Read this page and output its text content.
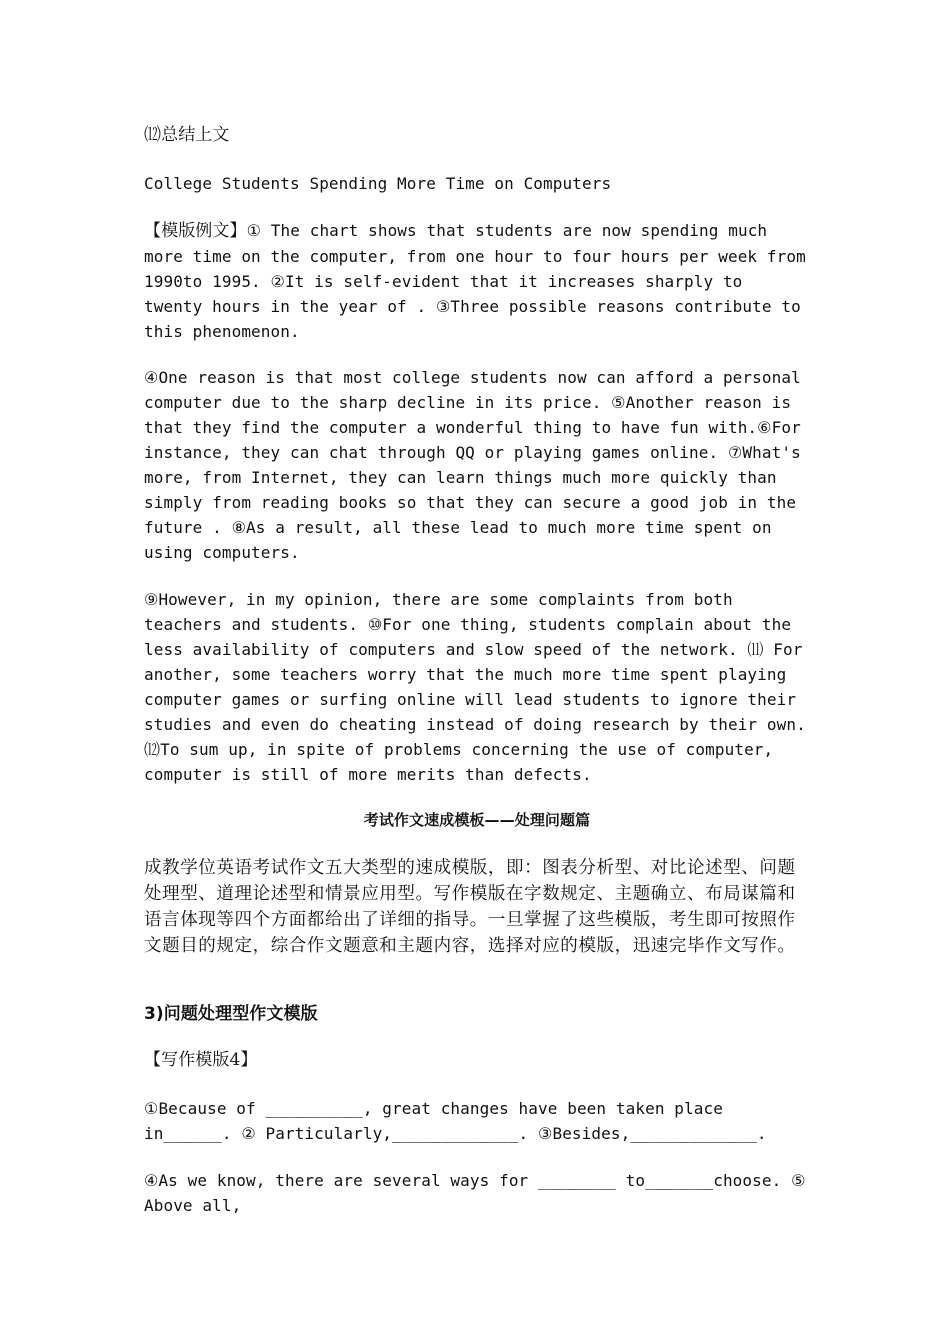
⑿总结上文

College Students Spending More Time on Computers

【模版例文】① The chart shows that students are now spending much more time on the computer, from one hour to four hours per week from 1990to 1995. ②It is self-evident that it increases sharply to twenty hours in the year of . ③Three possible reasons contribute to this phenomenon.

④One reason is that most college students now can afford a personal computer due to the sharp decline in its price. ⑤Another reason is that they find the computer a wonderful thing to have fun with.⑥For instance, they can chat through QQ or playing games online. ⑦What's more, from Internet, they can learn things much more quickly than simply from reading books so that they can secure a good job in the future . ⑧As a result, all these lead to much more time spent on using computers.

⑨However, in my opinion, there are some complaints from both teachers and students. ⑩For one thing, students complain about the less availability of computers and slow speed of the network. ⑾ For another, some teachers worry that the much more time spent playing computer games or surfing online will lead students to ignore their studies and even do cheating instead of doing research by their own. ⑿To sum up, in spite of problems concerning the use of computer, computer is still of more merits than defects.

考试作文速成模板——处理问题篇

成教学位英语考试作文五大类型的速成模版，即：图表分析型、对比论述型、问题处理型、道理论述型和情景应用型。写作模版在字数规定、主题确立、布局谋篇和语言体现等四个方面都给出了详细的指导。一旦掌握了这些模版，考生即可按照作文题目的规定，综合作文题意和主题内容，选择对应的模版，迅速完毕作文写作。

3)问题处理型作文模版

【写作模版4】

①Because of __________, great changes have been taken place
in______. ② Particularly,_____________. ③Besides,_____________.

④As we know, there are several ways for ________ to_______choose. ⑤
Above all,
